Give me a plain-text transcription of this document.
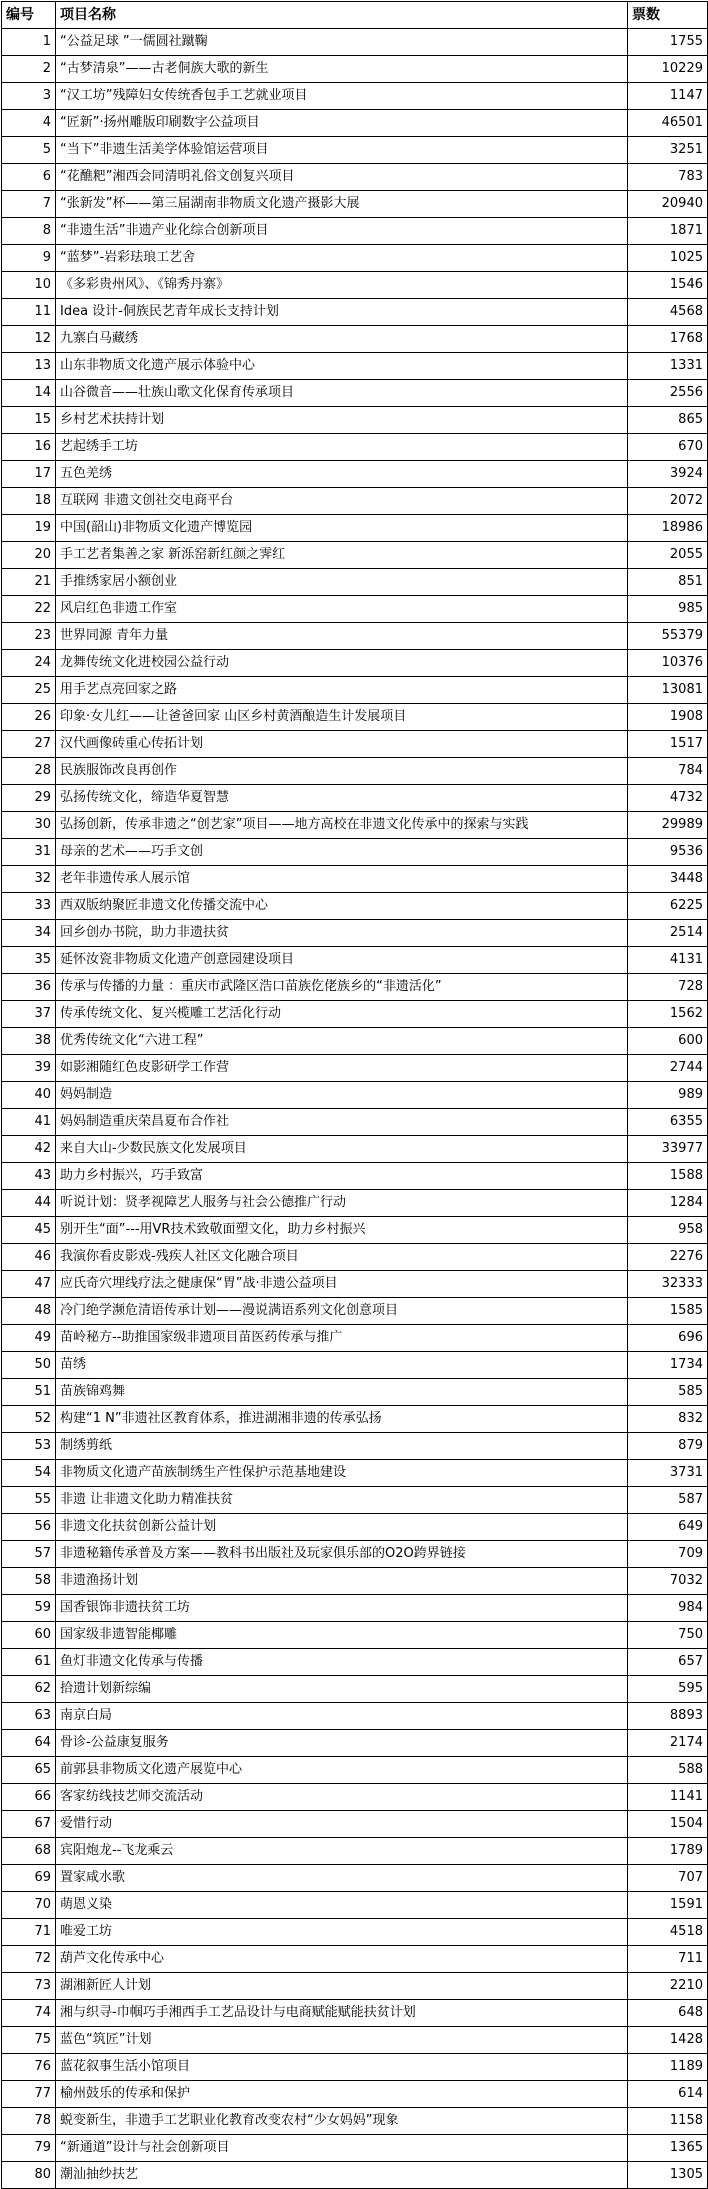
编号	项目名称	票数
1	“公益足球 ”一儒圆社蹴鞠	1755
2	“古梦清泉”——古老侗族大歌的新生	10229
3	“汉工坊”残障妇女传统香包手工艺就业项目	1147
4	“匠新”·扬州雕版印刷数字公益项目	46501
5	“当下”非遗生活美学体验馆运营项目	3251
6	“花醮粑”湘西会同清明礼俗文创复兴项目	783
7	“张新发”杯——第三届湖南非物质文化遗产摄影大展	20940
8	“非遗生活”非遗产业化综合创新项目	1871
9	“蓝梦”-岩彩珐琅工艺舍	1025
10	《多彩贵州风》、《锦秀丹寨》	1546
11	Idea 设计-侗族民艺青年成长支持计划	4568
12	九寨白马藏绣	1768
13	山东非物质文化遗产展示体验中心	1331
14	山谷微音——壮族山歌文化保育传承项目	2556
15	乡村艺术扶持计划	865
16	艺起绣手工坊	670
17	五色羌绣	3924
18	互联网 非遗文创社交电商平台	2072
19	中国(韶山)非物质文化遗产博览园	18986
20	手工艺者集善之家 新泺窑新红颜之霁红	2055
21	手推绣家居小额创业	851
22	风启红色非遗工作室	985
23	世界同源 青年力量	55379
24	龙舞传统文化进校园公益行动	10376
25	用手艺点亮回家之路	13081
26	印象·女儿红——让爸爸回家 山区乡村黄酒酿造生计发展项目	1908
27	汉代画像砖重心传拓计划	1517
28	民族服饰改良再创作	784
29	弘扬传统文化，缔造华夏智慧	4732
30	弘扬创新，传承非遗之“创艺家”项目——地方高校在非遗文化传承中的探索与实践	29989
31	母亲的艺术——巧手文创	9536
32	老年非遗传承人展示馆	3448
33	西双版纳聚匠非遗文化传播交流中心	6225
34	回乡创办书院，助力非遗扶贫	2514
35	延怀汝瓷非物质文化遗产创意园建设项目	4131
36	传承与传播的力量 ：重庆市武隆区浩口苗族仡佬族乡的“非遗活化”	728
37	传承传统文化、复兴榄雕工艺活化行动	1562
38	优秀传统文化“六进工程”	600
39	如影湘随红色皮影研学工作营	2744
40	妈妈制造	989
41	妈妈制造重庆荣昌夏布合作社	6355
42	来自大山-少数民族文化发展项目	33977
43	助力乡村振兴，巧手致富	1588
44	听说计划：贤孝视障艺人服务与社会公德推广行动	1284
45	别开生“面”---用VR技术致敬面塑文化，助力乡村振兴	958
46	我演你看皮影戏-残疾人社区文化融合项目	2276
47	应氏奇穴埋线疗法之健康保“胃”战·非遗公益项目	32333
48	冷门绝学濒危清语传承计划——漫说满语系列文化创意项目	1585
49	苗岭秘方--助推国家级非遗项目苗医药传承与推广	696
50	苗绣	1734
51	苗族锦鸡舞	585
52	构建“1 N”非遗社区教育体系，推进湖湘非遗的传承弘扬	832
53	制绣剪纸	879
54	非物质文化遗产苗族制绣生产性保护示范基地建设	3731
55	非遗 让非遗文化助力精准扶贫	587
56	非遗文化扶贫创新公益计划	649
57	非遗秘籍传承普及方案——教科书出版社及玩家俱乐部的O2O跨界链接	709
58	非遗渔扬计划	7032
59	国香银饰非遗扶贫工坊	984
60	国家级非遗智能椰雕	750
61	鱼灯非遗文化传承与传播	657
62	拾遗计划新综编	595
63	南京白局	8893
64	骨诊-公益康复服务	2174
65	前郭县非物质文化遗产展览中心	588
66	客家纺线技艺师交流活动	1141
67	爱惜行动	1504
68	宾阳炮龙--飞龙乘云	1789
69	置家咸水歌	707
70	萌恩义染	1591
71	唯爱工坊	4518
72	葫芦文化传承中心	711
73	湖湘新匠人计划	2210
74	湘与织寻-巾帼巧手湘西手工艺品设计与电商赋能赋能扶贫计划	648
75	蓝色“筑匠”计划	1428
76	蓝花叙事生活小馆项目	1189
77	榆州鼓乐的传承和保护	614
78	蜕变新生，非遗手工艺职业化教育改变农村“少女妈妈”现象	1158
79	“新通道”设计与社会创新项目	1365
80	潮汕抽纱扶艺	1305
